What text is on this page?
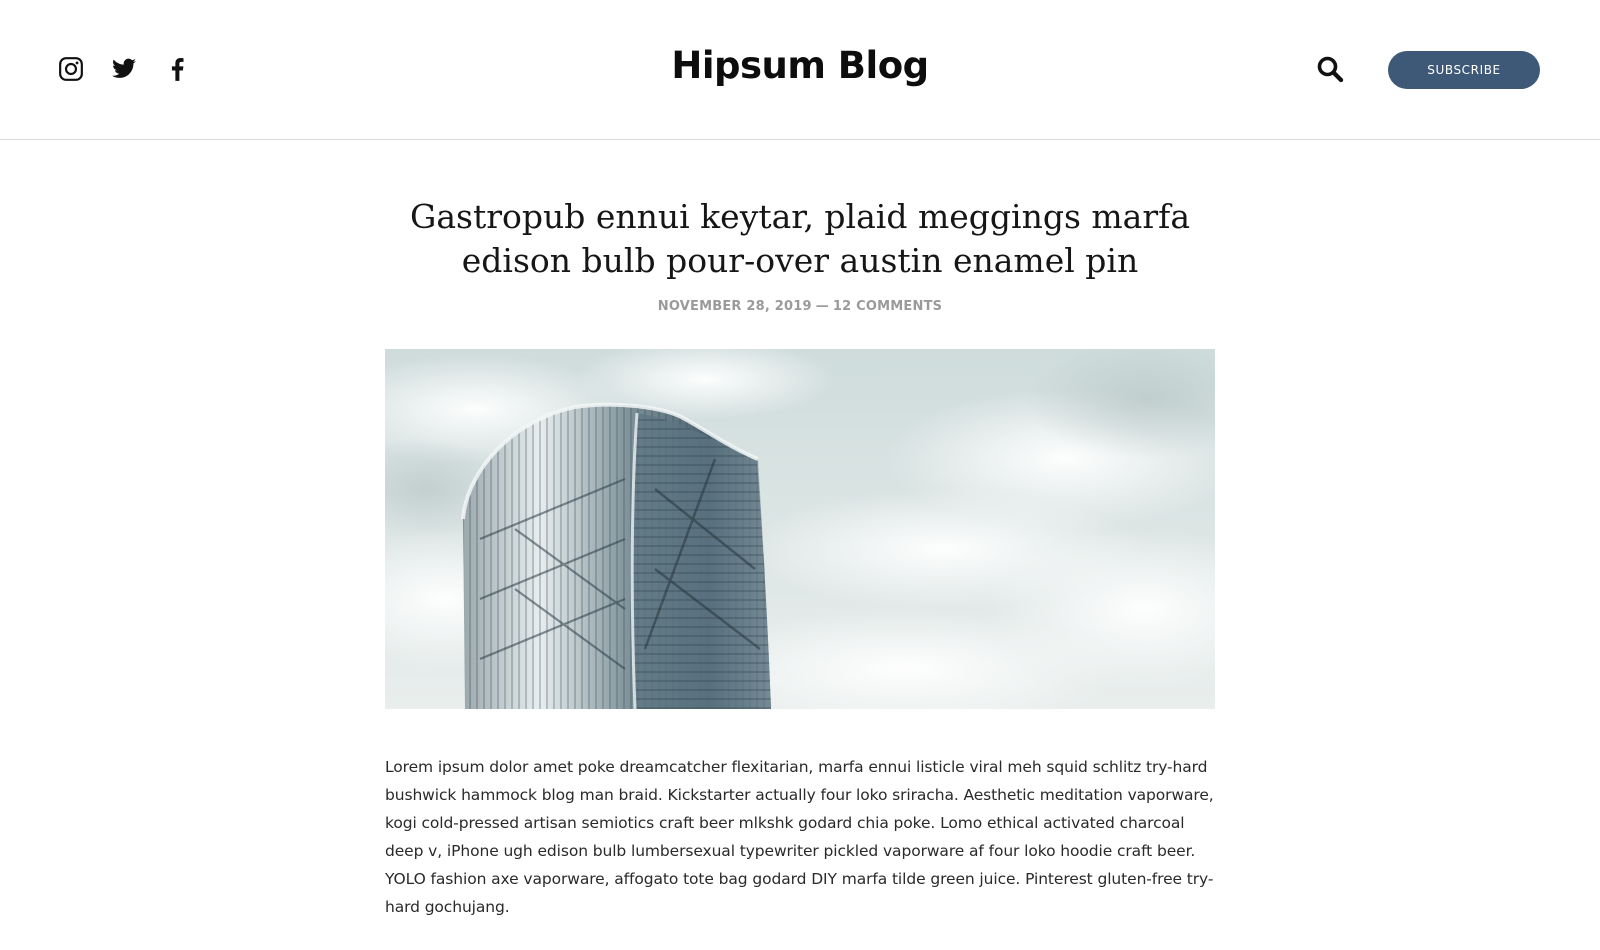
Hipsum Blog	SUBSCRIBE
Gastropub ennui keytar, plaid meggings marfa edison bulb pour-over austin enamel pin
NOVEMBER 28, 2019 — 12 COMMENTS

Lorem ipsum dolor amet poke dreamcatcher flexitarian, marfa ennui listicle viral meh squid schlitz try-hard bushwick hammock blog man braid. Kickstarter actually four loko sriracha. Aesthetic meditation vaporware, kogi cold-pressed artisan semiotics craft beer mlkshk godard chia poke. Lomo ethical activated charcoal deep v, iPhone ugh edison bulb lumbersexual typewriter pickled vaporware af four loko hoodie craft beer. YOLO fashion axe vaporware, affogato tote bag godard DIY marfa tilde green juice. Pinterest gluten-free try-hard gochujang.
